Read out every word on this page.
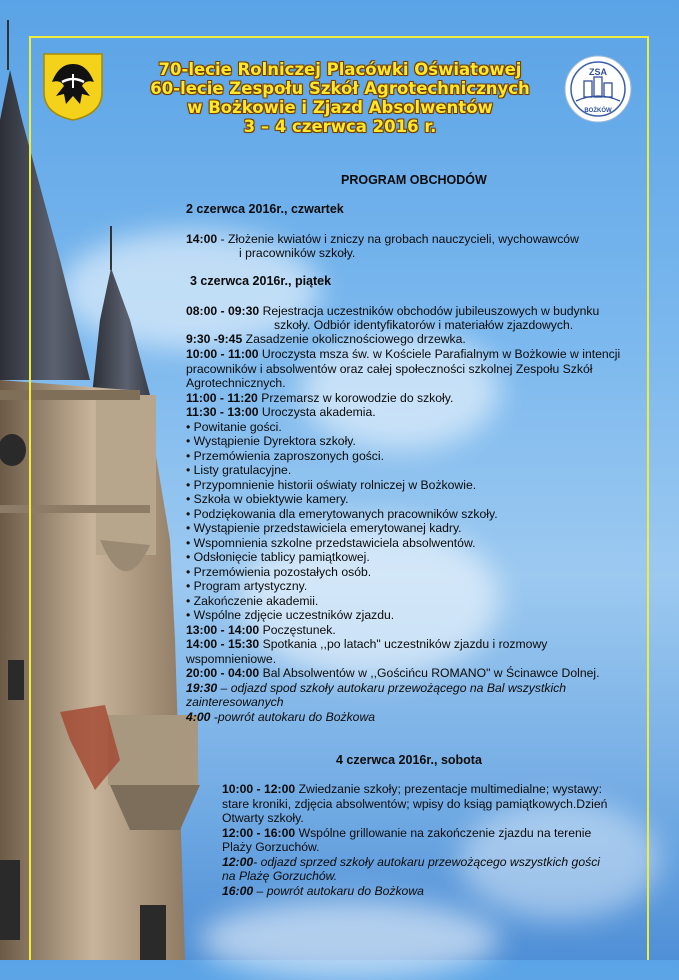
70-lecie Rolniczej Placówki Oświatowej
60-lecie Zespołu Szkół Agrotechnicznych
w Bożkowie i Zjazd Absolwentów
3 – 4 czerwca 2016 r.
ZSA
BOŻKÓW
PROGRAM OBCHODÓW
2 czerwca 2016r., czwartek
14:00 - Złożenie kwiatów i zniczy na grobach nauczycieli, wychowawców
i pracowników szkoły.
3 czerwca 2016r., piątek
08:00 - 09:30 Rejestracja uczestników obchodów jubileuszowych w budynku
szkoły. Odbiór identyfikatorów i materiałów zjazdowych.
9:30 -9:45 Zasadzenie okolicznościowego drzewka.
10:00 - 11:00 Uroczysta msza św. w Kościele Parafialnym w Bożkowie w intencji
pracowników i absolwentów oraz całej społeczności szkolnej Zespołu Szkół
Agrotechnicznych.
11:00 - 11:20 Przemarsz w korowodzie do szkoły.
11:30 - 13:00 Uroczysta akademia.
• Powitanie gości.
• Wystąpienie Dyrektora szkoły.
• Przemówienia zaproszonych gości.
• Listy gratulacyjne.
• Przypomnienie historii oświaty rolniczej w Bożkowie.
• Szkoła w obiektywie kamery.
• Podziękowania dla emerytowanych pracowników szkoły.
• Wystąpienie przedstawiciela emerytowanej kadry.
• Wspomnienia szkolne przedstawiciela absolwentów.
• Odsłonięcie tablicy pamiątkowej.
• Przemówienia pozostałych osób.
• Program artystyczny.
• Zakończenie akademii.
• Wspólne zdjęcie uczestników zjazdu.
13:00 - 14:00 Poczęstunek.
14:00 - 15:30 Spotkania ,,po latach" uczestników zjazdu i rozmowy
wspomnieniowe.
20:00 - 04:00 Bal Absolwentów w ,,Gościńcu ROMANO" w Ścinawce Dolnej.
19:30 – odjazd spod szkoły autokaru przewożącego na Bal wszystkich
zainteresowanych
4:00 -powrót autokaru do Bożkowa
4 czerwca 2016r., sobota
10:00 - 12:00 Zwiedzanie szkoły; prezentacje multimedialne; wystawy:
stare kroniki, zdjęcia absolwentów; wpisy do ksiąg pamiątkowych.Dzień
Otwarty szkoły.
12:00 - 16:00 Wspólne grillowanie na zakończenie zjazdu na terenie
Plaży Gorzuchów.
12:00- odjazd sprzed szkoły autokaru przewożącego wszystkich gości
na Plażę Gorzuchów.
16:00 – powrót autokaru do Bożkowa
